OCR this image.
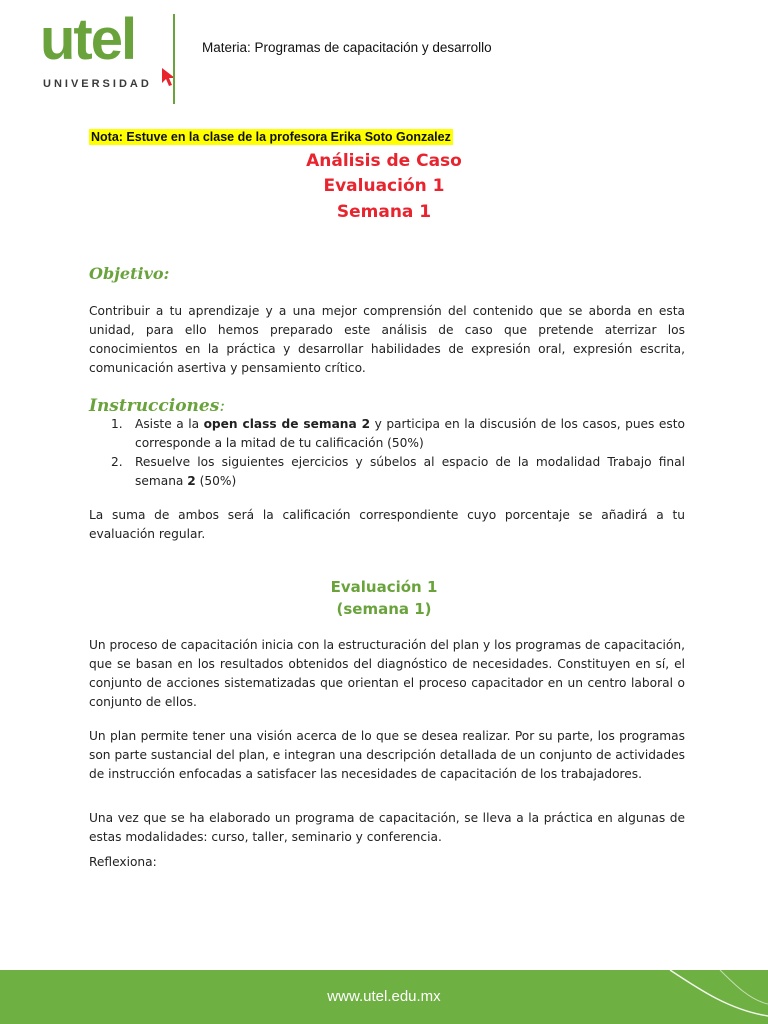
utel
UNIVERSIDAD
Materia: Programas de capacitación y desarrollo
Nota: Estuve en la clase de la profesora Erika Soto Gonzalez
Análisis de Caso
Evaluación 1
Semana 1
Objetivo:
Contribuir a tu aprendizaje y a una mejor comprensión del contenido que se aborda en esta unidad, para ello hemos preparado este análisis de caso que pretende aterrizar los conocimientos en la práctica y desarrollar habilidades de expresión oral, expresión escrita, comunicación asertiva y pensamiento crítico.
Instrucciones:
1. Asiste a la open class de semana 2 y participa en la discusión de los casos, pues esto corresponde a la mitad de tu calificación (50%)
2. Resuelve los siguientes ejercicios y súbelos al espacio de la modalidad Trabajo final semana 2 (50%)
La suma de ambos será la calificación correspondiente cuyo porcentaje se añadirá a tu evaluación regular.
Evaluación 1
(semana 1)
Un proceso de capacitación inicia con la estructuración del plan y los programas de capacitación, que se basan en los resultados obtenidos del diagnóstico de necesidades. Constituyen en sí, el conjunto de acciones sistematizadas que orientan el proceso capacitador en un centro laboral o conjunto de ellos.
Un plan permite tener una visión acerca de lo que se desea realizar. Por su parte, los programas son parte sustancial del plan, e integran una descripción detallada de un conjunto de actividades de instrucción enfocadas a satisfacer las necesidades de capacitación de los trabajadores.
Una vez que se ha elaborado un programa de capacitación, se lleva a la práctica en algunas de estas modalidades: curso, taller, seminario y conferencia.
Reflexiona:
www.utel.edu.mx
